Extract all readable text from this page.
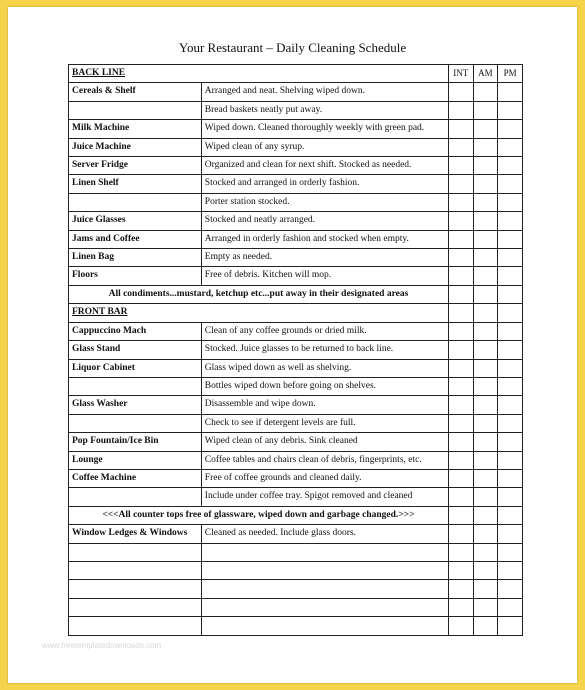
Your Restaurant – Daily Cleaning Schedule
BACK LINE		INT	AM	PM
Cereals & Shelf	Arranged and neat. Shelving wiped down.			
	Bread baskets neatly put away.			
Milk Machine	Wiped down. Cleaned thoroughly weekly with green pad.			
Juice Machine	Wiped clean of any syrup.			
Server Fridge	Organized and clean for next shift. Stocked as needed.			
Linen Shelf	Stocked and arranged in orderly fashion.			
	Porter station stocked.			
Juice Glasses	Stocked and neatly arranged.			
Jams and Coffee	Arranged in orderly fashion and stocked when empty.			
Linen Bag	Empty as needed.			
Floors	Free of debris. Kitchen will mop.			
All condiments...mustard, ketchup etc...put away in their designated areas				
FRONT BAR				
Cappuccino Mach	Clean of any coffee grounds or dried milk.			
Glass Stand	Stocked. Juice glasses to be returned to back line.			
Liquor Cabinet	Glass wiped down as well as shelving.			
	Bottles wiped down before going on shelves.			
Glass Washer	Disassemble and wipe down.			
	Check to see if detergent levels are full.			
Pop Fountain/Ice Bin	Wiped clean of any debris. Sink cleaned			
Lounge	Coffee tables and chairs clean of debris, fingerprints, etc.			
Coffee Machine	Free of coffee grounds and cleaned daily.			
	Include under coffee tray. Spigot removed and cleaned			
<<<All counter tops free of glassware, wiped down and garbage changed.>>>				
Window Ledges & Windows	Cleaned as needed. Include glass doors.			

www.freetemplatedownloads.com
